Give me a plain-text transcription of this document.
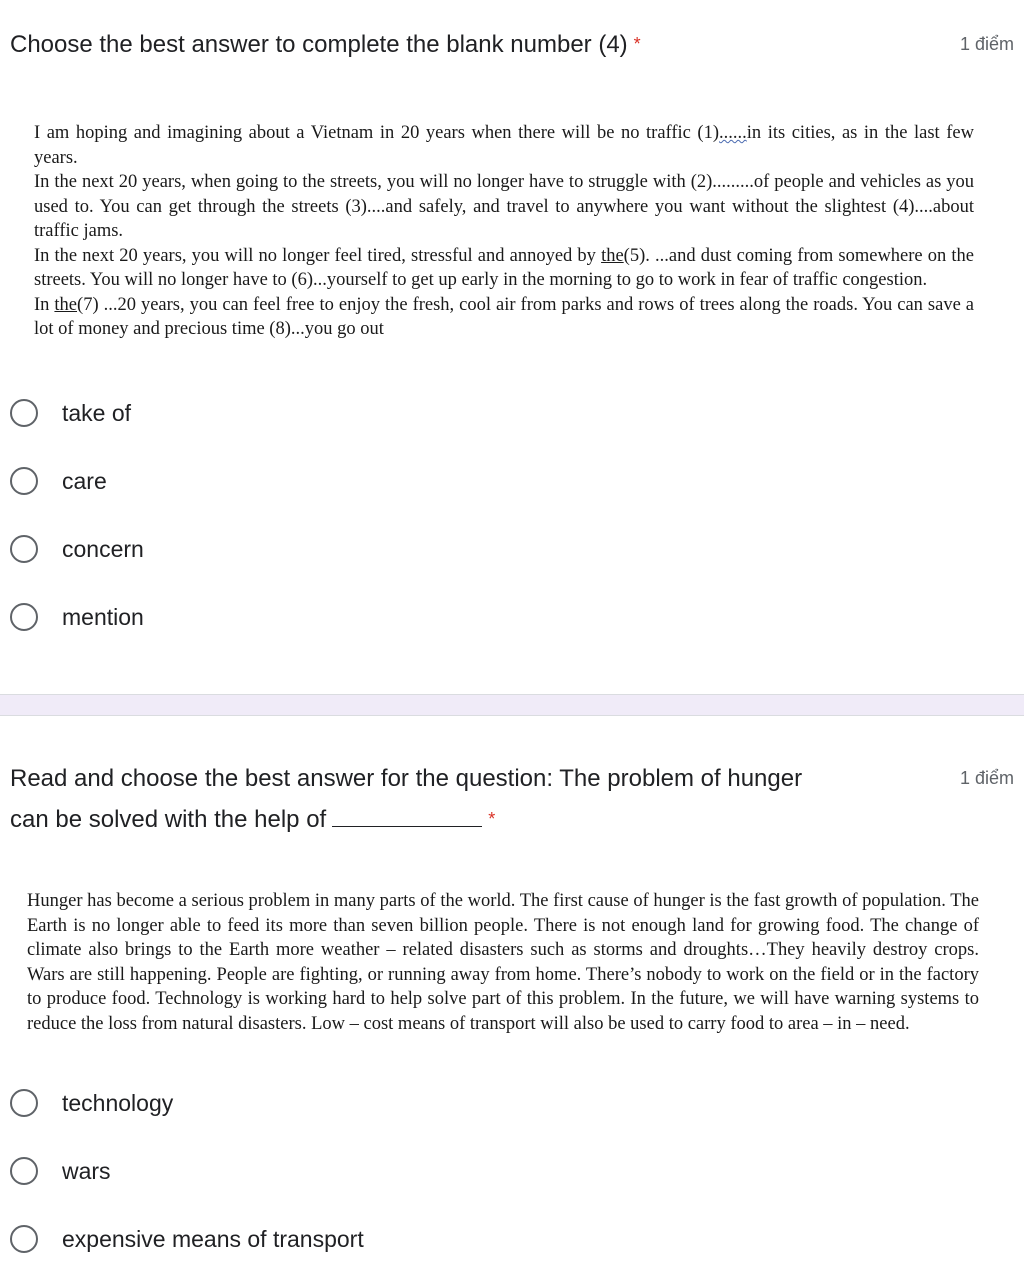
Choose the best answer to complete the blank number (4) *	1 điểm

I am hoping and imagining about a Vietnam in 20 years when there will be no traffic (1)......in its cities, as in the last few years.

In the next 20 years, when going to the streets, you will no longer have to struggle with (2).........of people and vehicles as you used to. You can get through the streets (3)....and safely, and travel to anywhere you want without the slightest (4)....about traffic jams.

In the next 20 years, you will no longer feel tired, stressful and annoyed by the(5). ...and dust coming from somewhere on the streets. You will no longer have to (6)...yourself to get up early in the morning to go to work in fear of traffic congestion.

In the(7) ...20 years, you can feel free to enjoy the fresh, cool air from parks and rows of trees along the roads. You can save a lot of money and precious time (8)...you go out

take of
care
concern
mention
Read and choose the best answer for the question: The problem of hunger
can be solved with the help of	*
1 điểm

Hunger has become a serious problem in many parts of the world. The first cause of hunger is the fast growth of population. The Earth is no longer able to feed its more than seven billion people. There is not enough land for growing food. The change of climate also brings to the Earth more weather – related disasters such as storms and droughts…They heavily destroy crops. Wars are still happening. People are fighting, or running away from home. There’s nobody to work on the field or in the factory to produce food. Technology is working hard to help solve part of this problem. In the future, we will have warning systems to reduce the loss from natural disasters. Low – cost means of transport will also be used to carry food to area – in – need.

technology
wars
expensive means of transport
